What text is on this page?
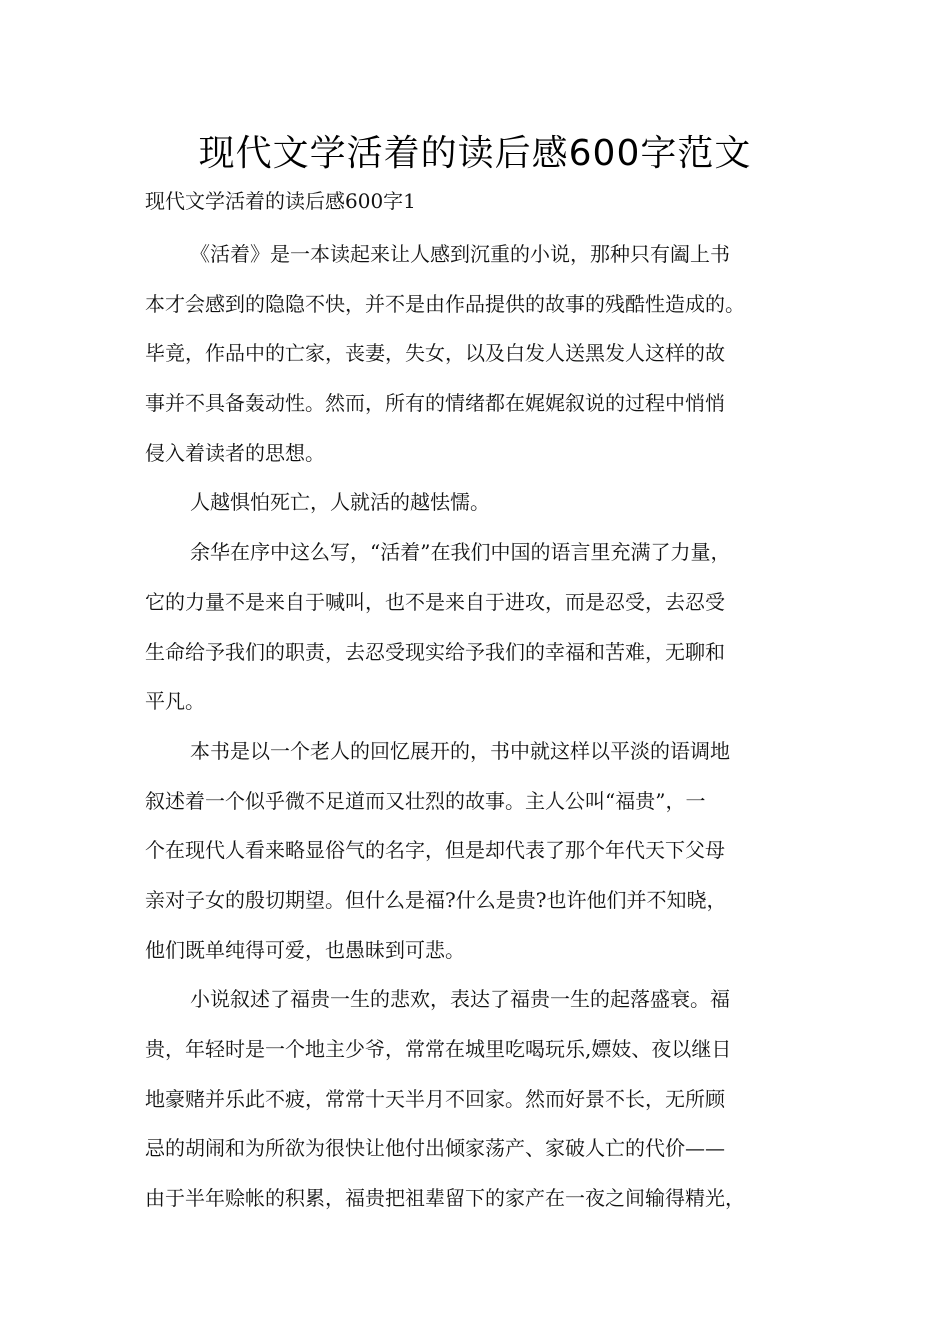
现代文学活着的读后感600字范文
现代文学活着的读后感600字1
《活着》是一本读起来让人感到沉重的小说，那种只有阖上书
本才会感到的隐隐不快，并不是由作品提供的故事的残酷性造成的。
毕竟，作品中的亡家，丧妻，失女，以及白发人送黑发人这样的故
事并不具备轰动性。然而，所有的情绪都在娓娓叙说的过程中悄悄
侵入着读者的思想。
人越惧怕死亡，人就活的越怯懦。
余华在序中这么写，“活着”在我们中国的语言里充满了力量，
它的力量不是来自于喊叫，也不是来自于进攻，而是忍受，去忍受
生命给予我们的职责，去忍受现实给予我们的幸福和苦难，无聊和
平凡。
本书是以一个老人的回忆展开的，书中就这样以平淡的语调地
叙述着一个似乎微不足道而又壮烈的故事。主人公叫“福贵”，一
个在现代人看来略显俗气的名字，但是却代表了那个年代天下父母
亲对子女的殷切期望。但什么是福?什么是贵?也许他们并不知晓，
他们既单纯得可爱，也愚昧到可悲。
小说叙述了福贵一生的悲欢，表达了福贵一生的起落盛衰。福
贵，年轻时是一个地主少爷，常常在城里吃喝玩乐,嫖妓、夜以继日
地豪赌并乐此不疲，常常十天半月不回家。然而好景不长，无所顾
忌的胡闹和为所欲为很快让他付出倾家荡产、家破人亡的代价——
由于半年赊帐的积累，福贵把祖辈留下的家产在一夜之间输得精光，
